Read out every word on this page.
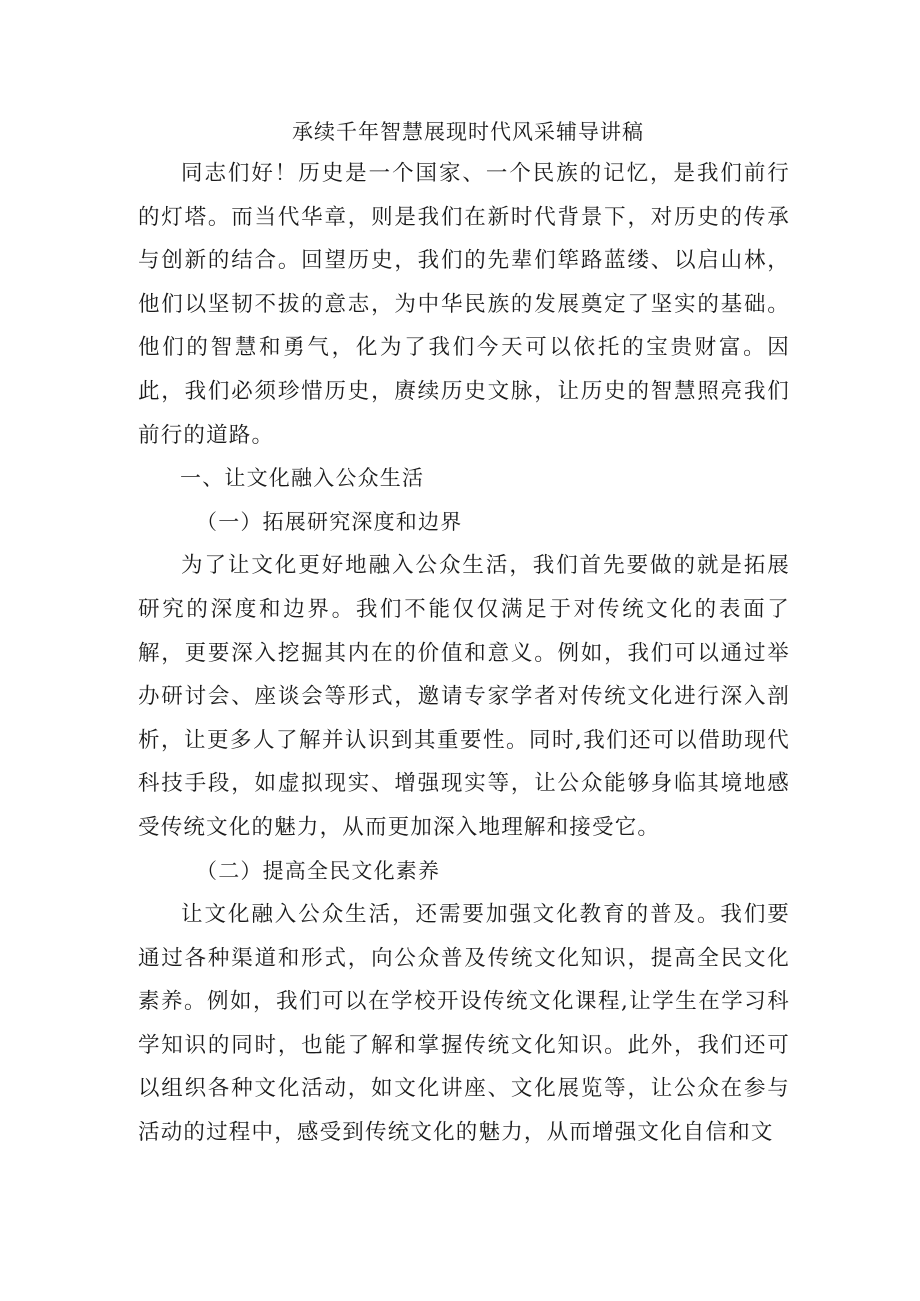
承续千年智慧展现时代风采辅导讲稿

同志们好！历史是一个国家、一个民族的记忆，是我们前行的灯塔。而当代华章，则是我们在新时代背景下，对历史的传承与创新的结合。回望历史，我们的先辈们筚路蓝缕、以启山林，他们以坚韧不拔的意志，为中华民族的发展奠定了坚实的基础。他们的智慧和勇气，化为了我们今天可以依托的宝贵财富。因此，我们必须珍惜历史，赓续历史文脉，让历史的智慧照亮我们前行的道路。

一、让文化融入公众生活
（一）拓展研究深度和边界

为了让文化更好地融入公众生活，我们首先要做的就是拓展研究的深度和边界。我们不能仅仅满足于对传统文化的表面了解，更要深入挖掘其内在的价值和意义。例如，我们可以通过举办研讨会、座谈会等形式，邀请专家学者对传统文化进行深入剖析，让更多人了解并认识到其重要性。同时,我们还可以借助现代科技手段，如虚拟现实、增强现实等，让公众能够身临其境地感受传统文化的魅力，从而更加深入地理解和接受它。

（二）提高全民文化素养

让文化融入公众生活，还需要加强文化教育的普及。我们要通过各种渠道和形式，向公众普及传统文化知识，提高全民文化素养。例如，我们可以在学校开设传统文化课程,让学生在学习科学知识的同时，也能了解和掌握传统文化知识。此外，我们还可以组织各种文化活动，如文化讲座、文化展览等，让公众在参与活动的过程中，感受到传统文化的魅力，从而增强文化自信和文
